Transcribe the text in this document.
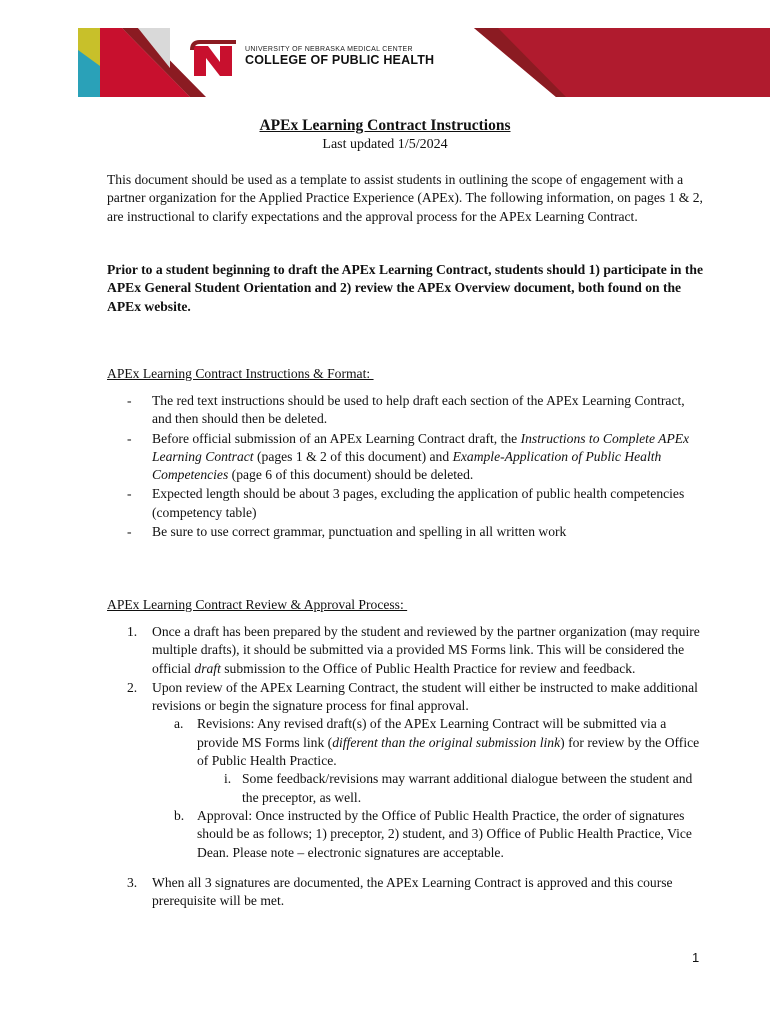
UNIVERSITY OF NEBRASKA MEDICAL CENTER
COLLEGE OF PUBLIC HEALTH
APEx Learning Contract Instructions
Last updated 1/5/2024
This document should be used as a template to assist students in outlining the scope of engagement with a partner organization for the Applied Practice Experience (APEx). The following information, on pages 1 & 2, are instructional to clarify expectations and the approval process for the APEx Learning Contract.
Prior to a student beginning to draft the APEx Learning Contract, students should 1) participate in the APEx General Student Orientation and 2) review the APEx Overview document, both found on the APEx website.
APEx Learning Contract Instructions & Format:
- The red text instructions should be used to help draft each section of the APEx Learning Contract, and then should then be deleted.
- Before official submission of an APEx Learning Contract draft, the Instructions to Complete APEx Learning Contract (pages 1 & 2 of this document) and Example-Application of Public Health Competencies (page 6 of this document) should be deleted.
- Expected length should be about 3 pages, excluding the application of public health competencies (competency table)
- Be sure to use correct grammar, punctuation and spelling in all written work
APEx Learning Contract Review & Approval Process:
1. Once a draft has been prepared by the student and reviewed by the partner organization (may require multiple drafts), it should be submitted via a provided MS Forms link. This will be considered the official draft submission to the Office of Public Health Practice for review and feedback.
2. Upon review of the APEx Learning Contract, the student will either be instructed to make additional revisions or begin the signature process for final approval.
a. Revisions: Any revised draft(s) of the APEx Learning Contract will be submitted via a provide MS Forms link (different than the original submission link) for review by the Office of Public Health Practice.
i. Some feedback/revisions may warrant additional dialogue between the student and the preceptor, as well.
b. Approval: Once instructed by the Office of Public Health Practice, the order of signatures should be as follows; 1) preceptor, 2) student, and 3) Office of Public Health Practice, Vice Dean. Please note – electronic signatures are acceptable.
3. When all 3 signatures are documented, the APEx Learning Contract is approved and this course prerequisite will be met.
1
